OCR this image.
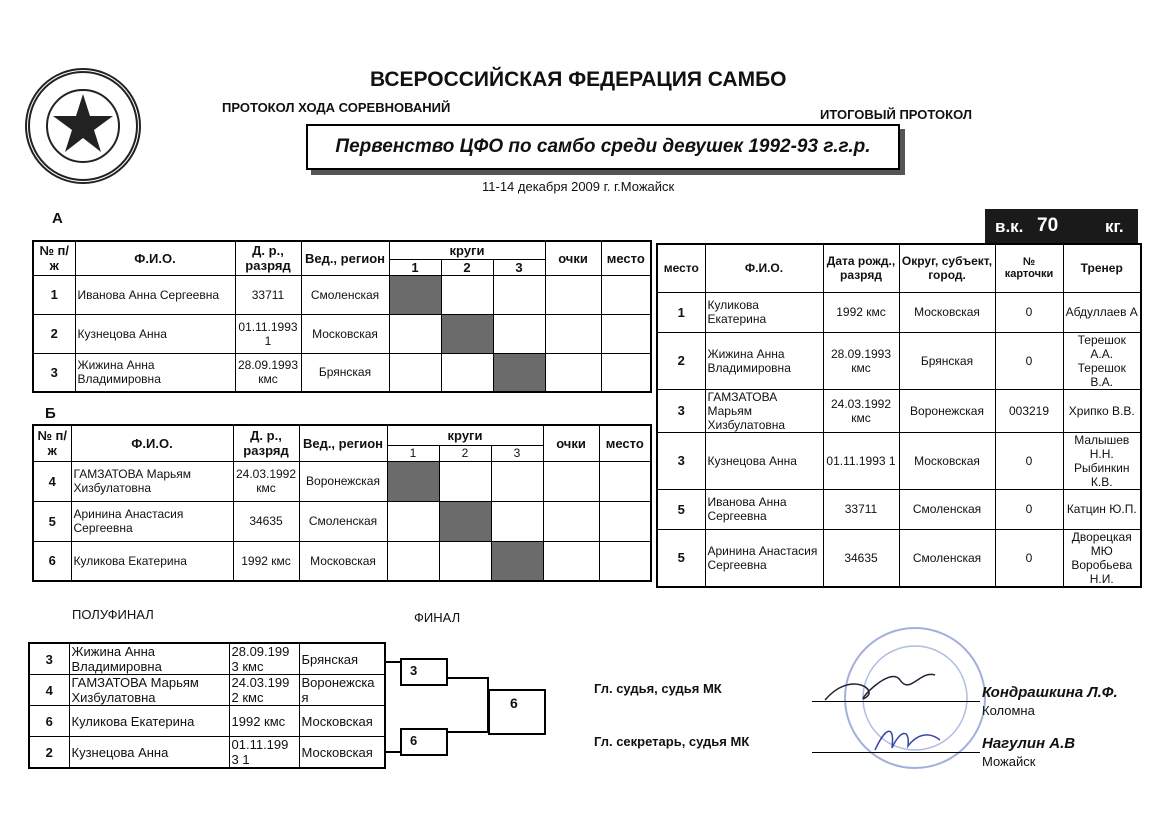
ВСЕРОССИЙСКАЯ ФЕДЕРАЦИЯ САМБО
ПРОТОКОЛ ХОДА СОРЕВНОВАНИЙ	ИТОГОВЫЙ ПРОТОКОЛ
Первенство ЦФО по самбо среди девушек 1992-93 г.г.р.
11-14 декабря 2009 г. г.Можайск
в.к. 70	кг.
А
№ п/ж	Ф.И.О.	Д. р., разряд	Вед., регион	круги			очки	место
				1	2	3		
1	Иванова Анна Сергеевна	33711	Смоленская					
2	Кузнецова Анна	01.11.1993 1	Московская					
3	Жижина Анна Владимировна	28.09.1993 кмс	Брянская					
Б
№ п/ж	Ф.И.О.	Д. р., разряд	Вед., регион	круги			очки	место
				1	2	3		
4	ГАМЗАТОВА Марьям Хизбулатовна	24.03.1992 кмс	Воронежская					
5	Аринина Анастасия Сергеевна	34635	Смоленская					
6	Куликова Екатерина	1992 кмс	Московская					
место	Ф.И.О.	Дата рожд., разряд	Округ, субъект, город.	№ карточки	Тренер
1	Куликова Екатерина	1992 кмс	Московская	0	Абдуллаев А
2	Жижина Анна Владимировна	28.09.1993 кмс	Брянская	0	Терешок А.А. Терешок В.А.
3	ГАМЗАТОВА Марьям Хизбулатовна	24.03.1992 кмс	Воронежская	003219	Хрипко В.В.
3	Кузнецова Анна	01.11.1993 1	Московская	0	Малышев Н.Н. Рыбинкин К.В.
5	Иванова Анна Сергеевна	33711	Смоленская	0	Катцин Ю.П.
5	Аринина Анастасия Сергеевна	34635	Смоленская	0	Дворецкая МЮ Воробьева Н.И.
ПОЛУФИНАЛ	ФИНАЛ
3	Жижина Анна Владимировна	28.09.199 3 кмс	Брянская
4	ГАМЗАТОВА Марьям Хизбулатовна	24.03.199 2 кмс	Воронежска я
6	Куликова Екатерина	1992 кмс	Московская
2	Кузнецова Анна	01.11.199 3 1	Московская
3
6
6
Гл. судья, судья МК	Кондрашкина Л.Ф.
Коломна
Гл. секретарь, судья МК	Нагулин А.В
Можайск
